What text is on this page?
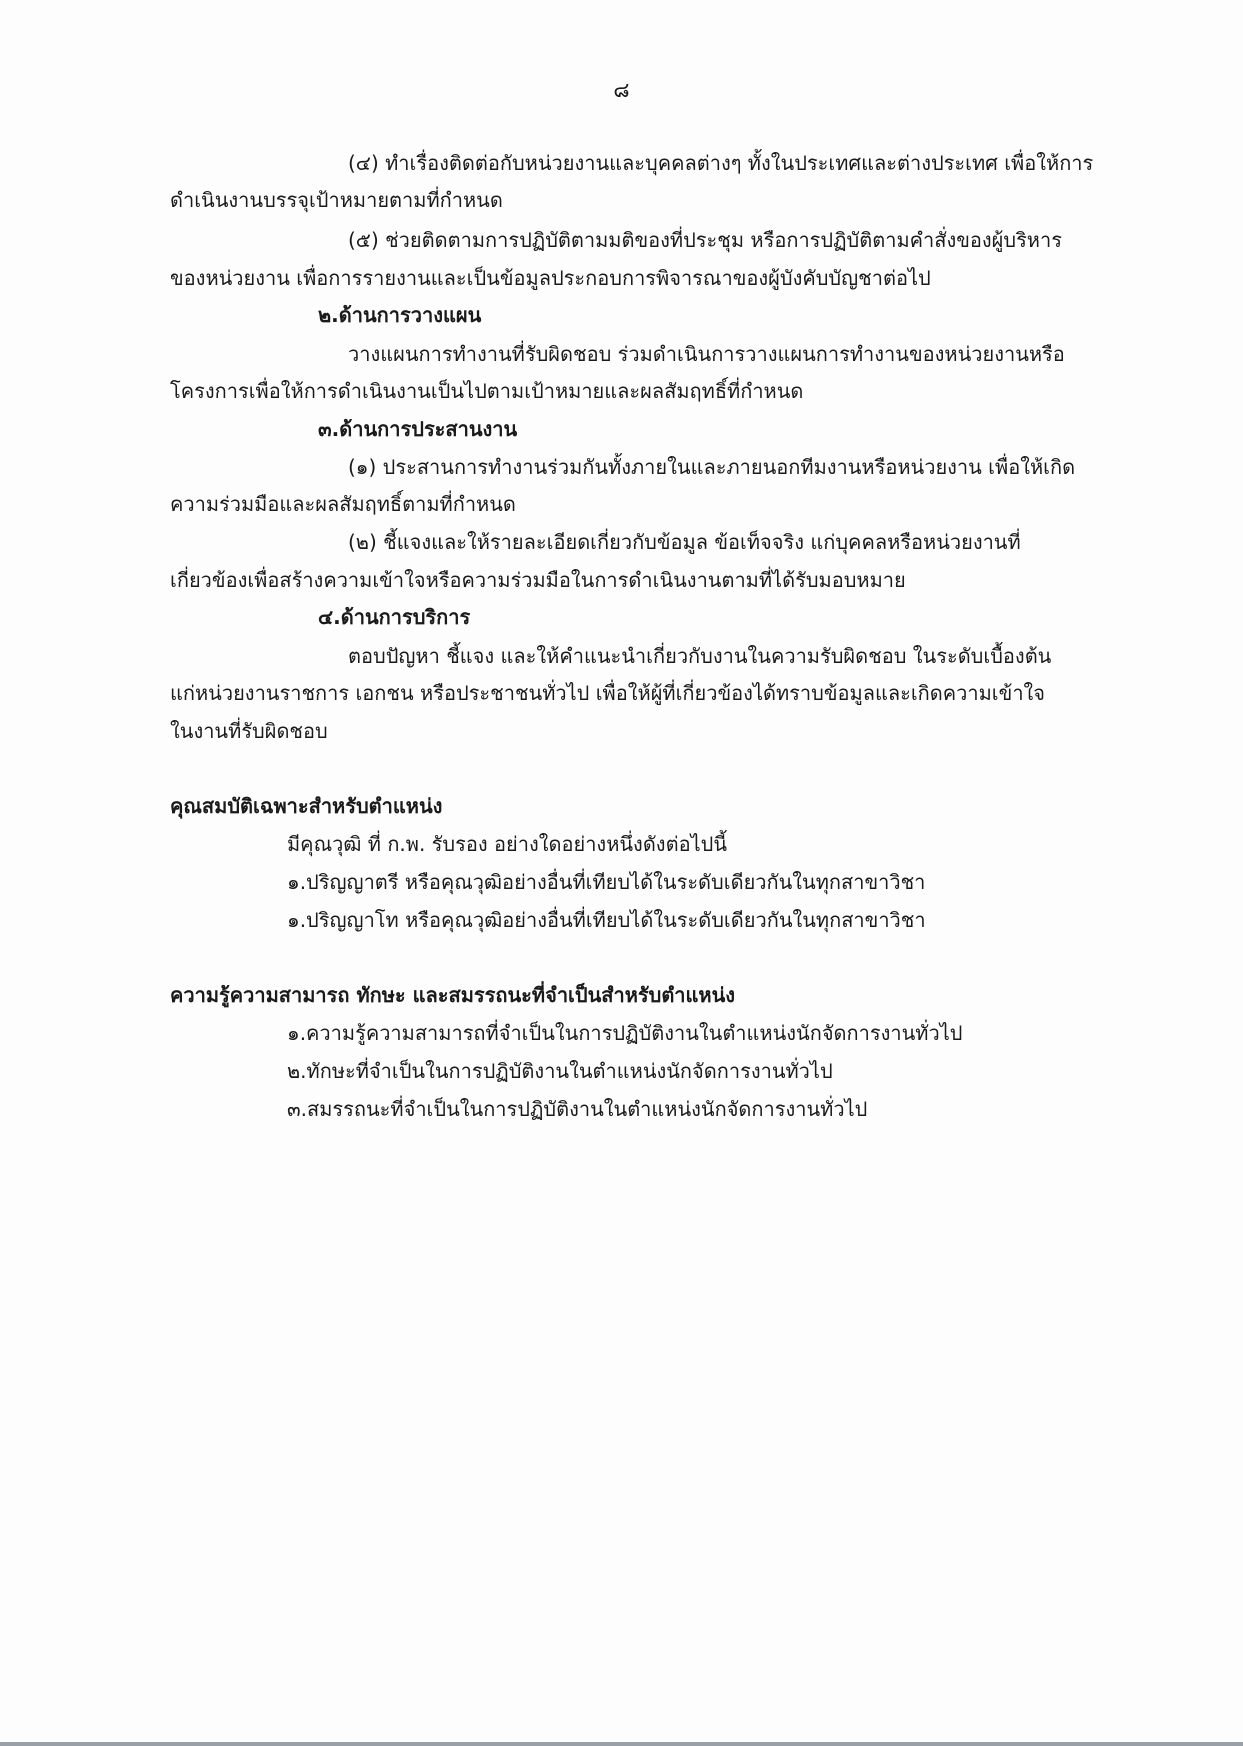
๘
(๔) ทำเรื่องติดต่อกับหน่วยงานและบุคคลต่างๆ ทั้งในประเทศและต่างประเทศ เพื่อให้การ
ดำเนินงานบรรจุเป้าหมายตามที่กำหนด
(๕) ช่วยติดตามการปฏิบัติตามมติของที่ประชุม หรือการปฏิบัติตามคำสั่งของผู้บริหาร
ของหน่วยงาน เพื่อการรายงานและเป็นข้อมูลประกอบการพิจารณาของผู้บังคับบัญชาต่อไป
๒.ด้านการวางแผน
วางแผนการทำงานที่รับผิดชอบ ร่วมดำเนินการวางแผนการทำงานของหน่วยงานหรือ
โครงการเพื่อให้การดำเนินงานเป็นไปตามเป้าหมายและผลสัมฤทธิ์ที่กำหนด
๓.ด้านการประสานงาน
(๑) ประสานการทำงานร่วมกันทั้งภายในและภายนอกทีมงานหรือหน่วยงาน เพื่อให้เกิด
ความร่วมมือและผลสัมฤทธิ์ตามที่กำหนด
(๒) ชี้แจงและให้รายละเอียดเกี่ยวกับข้อมูล ข้อเท็จจริง แก่บุคคลหรือหน่วยงานที่
เกี่ยวข้องเพื่อสร้างความเข้าใจหรือความร่วมมือในการดำเนินงานตามที่ได้รับมอบหมาย
๔.ด้านการบริการ
ตอบปัญหา ชี้แจง และให้คำแนะนำเกี่ยวกับงานในความรับผิดชอบ ในระดับเบื้องต้น
แก่หน่วยงานราชการ เอกชน หรือประชาชนทั่วไป เพื่อให้ผู้ที่เกี่ยวข้องได้ทราบข้อมูลและเกิดความเข้าใจ
ในงานที่รับผิดชอบ
คุณสมบัติเฉพาะสำหรับตำแหน่ง
มีคุณวุฒิ ที่ ก.พ. รับรอง อย่างใดอย่างหนึ่งดังต่อไปนี้
๑.ปริญญาตรี หรือคุณวุฒิอย่างอื่นที่เทียบได้ในระดับเดียวกันในทุกสาขาวิชา
๑.ปริญญาโท หรือคุณวุฒิอย่างอื่นที่เทียบได้ในระดับเดียวกันในทุกสาขาวิชา
ความรู้ความสามารถ ทักษะ และสมรรถนะที่จำเป็นสำหรับตำแหน่ง
๑.ความรู้ความสามารถที่จำเป็นในการปฏิบัติงานในตำแหน่งนักจัดการงานทั่วไป
๒.ทักษะที่จำเป็นในการปฏิบัติงานในตำแหน่งนักจัดการงานทั่วไป
๓.สมรรถนะที่จำเป็นในการปฏิบัติงานในตำแหน่งนักจัดการงานทั่วไป
